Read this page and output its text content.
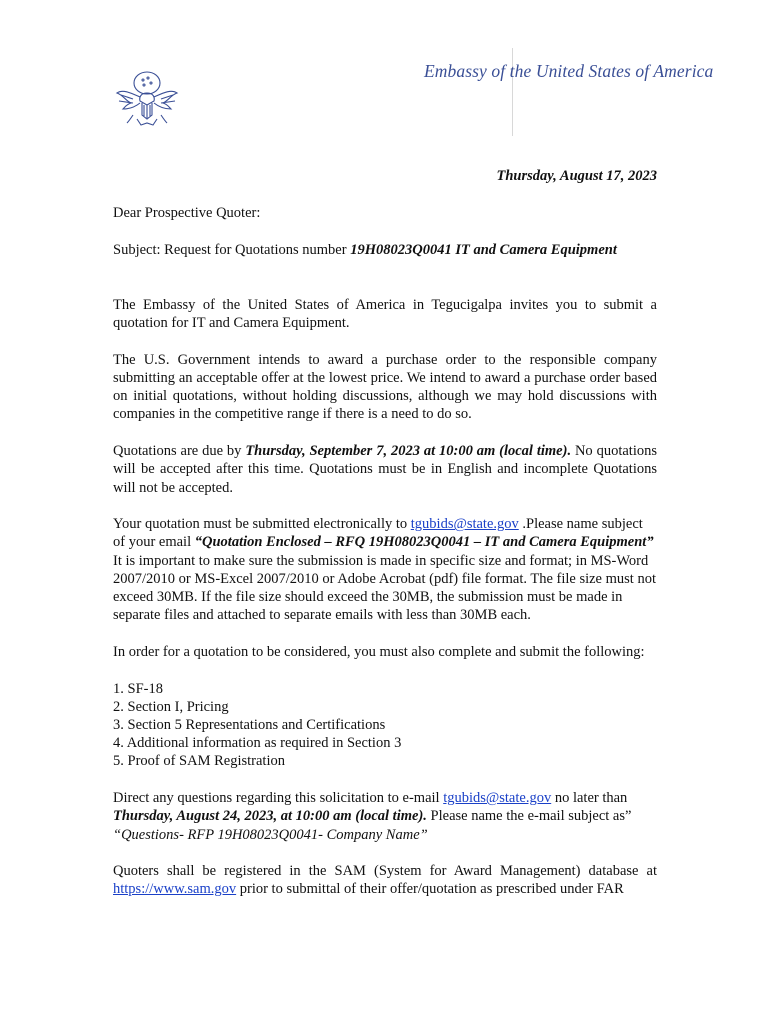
Embassy of the United States of America
Thursday, August 17, 2023

Dear Prospective Quoter:

Subject: Request for Quotations number 19H08023Q0041 IT and Camera Equipment

The Embassy of the United States of America in Tegucigalpa invites you to submit a quotation for IT and Camera Equipment.

The U.S. Government intends to award a purchase order to the responsible company submitting an acceptable offer at the lowest price. We intend to award a purchase order based on initial quotations, without holding discussions, although we may hold discussions with companies in the competitive range if there is a need to do so.

Quotations are due by Thursday, September 7, 2023 at 10:00 am (local time). No quotations will be accepted after this time. Quotations must be in English and incomplete Quotations will not be accepted.

Your quotation must be submitted electronically to tgubids@state.gov .Please name subject of your email “Quotation Enclosed – RFQ 19H08023Q0041 – IT and Camera Equipment” It is important to make sure the submission is made in specific size and format; in MS-Word 2007/2010 or MS-Excel 2007/2010 or Adobe Acrobat (pdf) file format. The file size must not exceed 30MB. If the file size should exceed the 30MB, the submission must be made in separate files and attached to separate emails with less than 30MB each.

In order for a quotation to be considered, you must also complete and submit the following:

1. SF-18
2. Section I, Pricing
3. Section 5 Representations and Certifications
4. Additional information as required in Section 3
5. Proof of SAM Registration

Direct any questions regarding this solicitation to e-mail tgubids@state.gov no later than
Thursday, August 24, 2023, at 10:00 am (local time). Please name the e-mail subject as”
“Questions- RFP 19H08023Q0041- Company Name”

Quoters shall be registered in the SAM (System for Award Management) database at https://www.sam.gov prior to submittal of their offer/quotation as prescribed under FAR
